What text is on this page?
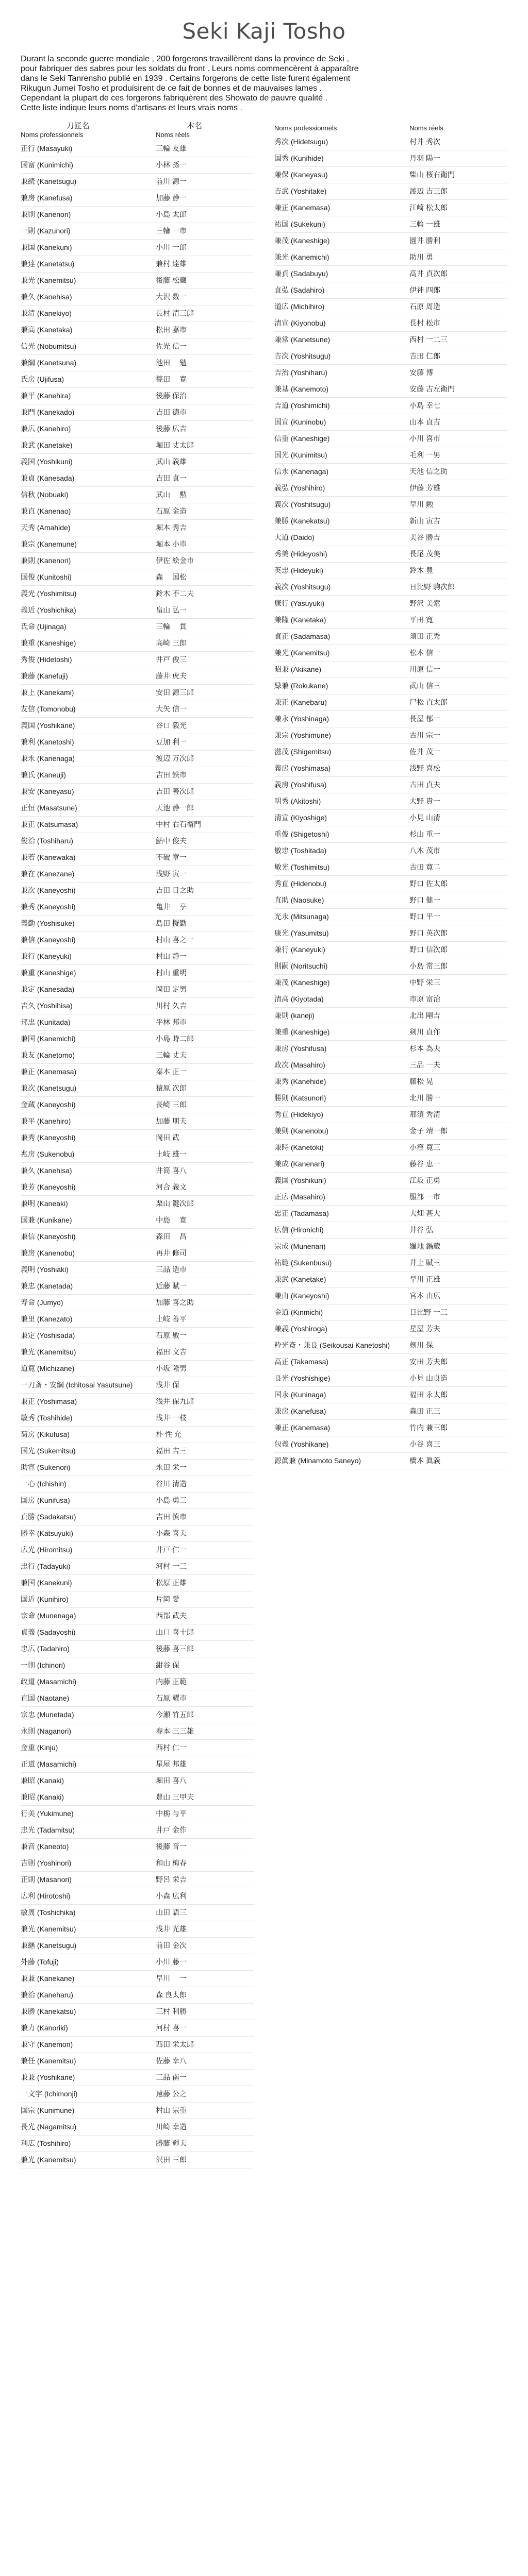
Seki Kaji Tosho

Durant la seconde guerre mondiale , 200 forgerons travaillèrent dans la province de Seki ,

pour fabriquer des sabres pour les soldats du front . Leurs noms commencèrent à apparaître

dans le Seki Tanrensho publié en 1939 . Certains forgerons de cette liste furent également

Rikugun Jumei Tosho et produisirent de ce fait de bonnes et de mauvaises lames .

Cependant la plupart de ces forgerons fabriquèrent des Showato de pauvre qualité .

Cette liste indique leurs noms d'artisans et leurs vrais noms .

刀匠名
Noms professionnels	本名
Noms réels

正行 (Masayuki)	三輪 友雄
国富 (Kunimichi)	小林 孫一
兼続 (Kanetsugu)	前川 源一
兼房 (Kanefusa)	加藤 静一
兼則 (Kanenori)	小島 太郎
一則 (Kazunori)	三輪 一市
兼国 (Kanekuni)	小川 一郎
兼達 (Kanetatsu)	兼村 達雄
兼光 (Kanemitsu)	後藤 松蔵
兼久 (Kanehisa)	大沢 数一
兼清 (Kanekiyo)	長村 清三郎
兼高 (Kanetaka)	松田 嘉市
信光 (Nobumitsu)	佐光 信一
兼綱 (Kanetsuna)	池田 　勉
氏房 (Ujifusa)	篠田 　寛
兼平 (Kanehira)	後藤 保治
兼門 (Kanekado)	吉田 德市
兼広 (Kanehiro)	後藤 広吉
兼武 (Kanetake)	堀田 丈太郎
義国 (Yoshikuni)	武山 義雄
兼貞 (Kanesada)	吉田 貞一
信秋 (Nobuaki)	武山 　勲
兼直 (Kanenao)	石原 金造
天秀 (Amahide)	堀本 秀吉
兼宗 (Kanemune)	堀本 小市
兼則 (Kanenori)	伊佐 絵金市
国俊 (Kunitoshi)	森 　国松
義光 (Yoshimitsu)	鈴木 不二夫
義近 (Yoshichika)	畠山 弘一
氏命 (Ujinaga)	三輪 　貫
兼重 (Kaneshige)	高崎 三郎
秀俊 (Hidetoshi)	井戸 俊三
兼藤 (Kanefuji)	藤井 虎夫
兼上 (Kanekami)	安田 源三郎
友信 (Tomonobu)	大矢 信一
義国 (Yoshikane)	谷口 毅光
兼利 (Kanetoshi)	豆加 利一
兼永 (Kanenaga)	渡辺 万次郎
兼氏 (Kaneuji)	吉田 鉄市
兼安 (Kaneyasu)	吉田 善次郎
正恒 (Masatsune)	天池 静一郎
兼正 (Katsumasa)	中村 右石衛門
俊治 (Toshiharu)	鮎中 俊夫
兼若 (Kanewaka)	不破 章一
兼在 (Kanezane)	浅野 寅一
兼次 (Kaneyoshi)	吉田 日之助
兼秀 (Kaneyoshi)	亀井 　享
義勤 (Yoshisuke)	島田 擬勤
兼信 (Kaneyoshi)	村山 喜之一
兼行 (Kaneyuki)	村山 静一
兼重 (Kaneshige)	村山 重明
兼定 (Kanesada)	岡田 定男
吉久 (Yoshihisa)	川村 久吉
邦忠 (Kunitada)	平林 邦市
兼国 (Kanemichi)	小島 時二郎
兼友 (Kanetomo)	三輪 丈夫
兼正 (Kanemasa)	秦本 正一
兼次 (Kanetsugu)	猿原 次郎
金蔵 (Kaneyoshi)	長崎 三郎
兼平 (Kanehiro)	加藤 朋夫
兼秀 (Kaneyoshi)	岡田 武
兆房 (Sukenobu)	土岐 雄一
兼久 (Kanehisa)	井筒 喜八
兼芳 (Kaneyoshi)	河合 義文
兼明 (Kaneaki)	栗山 鍵次郎
国兼 (Kunikane)	中島 　寛
兼信 (Kaneyoshi)	森田 　昌
兼房 (Kanenobu)	再井 修司
義明 (Yoshiaki)	三品 造市
兼忠 (Kanetada)	近藤 賦一
寿命 (Jumyo)	加藤 喜之助
兼里 (Kanezato)	土岐 善平
兼定 (Yoshisada)	石原 敏一
兼光 (Kanemitsu)	福田 文吉
道寛 (Michizane)	小坂 隆男
一刀斎・安綱 (Ichitosai Yasutsune)	浅井 保
兼正 (Yoshimasa)	浅井 保九郎
敏秀 (Toshihide)	浅井 一枝
菊房 (Kikufusa)	朴 性 允
国光 (Sukemitsu)	福田 吉三
助宣 (Sukenori)	永田 栄一
一心 (Ichishin)	谷川 清造
国房 (Kunifusa)	小島 勇三
貞勝 (Sadakatsu)	吉田 慎市
勝幸 (Katsuyuki)	小森 喜夫
広光 (Hiromitsu)	井戸 仁一
忠行 (Tadayuki)	河村 一三
兼国 (Kanekuni)	松原 正雄
国近 (Kunihiro)	片岡 愛
宗命 (Munenaga)	西部 武夫
貞義 (Sadayoshi)	山口 喜十郎
忠広 (Tadahiro)	後藤 喜三郎
一則 (Ichinori)	紺谷 保
政道 (Masamichi)	内藤 正範
直国 (Naotane)	石原 耀市
宗忠 (Munetada)	今瀬 竹五郎
永則 (Naganori)	春本 三三雄
金重 (Kinju)	西村 仁一
正道 (Masamichi)	星屋 邦雄
兼昭 (Kanaki)	堀田 喜八
兼昭 (Kanaki)	豊山 三甲夫
行美 (Yukimune)	中栃 与平
忠光 (Tadamitsu)	井戸 金作
兼音 (Kaneoto)	後藤 音一
吉則 (Yoshinori)	和山 梅春
正則 (Masanori)	野呂 栄吉
広利 (Hirotoshi)	小森 広利
敏周 (Toshichika)	山田 語三
兼光 (Kanemitsu)	浅井 光雄
兼継 (Kanetsugu)	前田 金次
外藤 (Tofuji)	小川 藤一
兼兼 (Kanekane)	早川 　一
兼治 (Kaneharu)	森 良太郎
兼勝 (Kanekatsu)	三村 利勝
兼力 (Kanoriki)	河村 喜一
兼守 (Kanemori)	西田 栄太郎
兼任 (Kanemitsu)	佐藤 幸八
兼兼 (Yoshikane)	三品 南一
一文字 (Ichimonji)	遠藤 公之
国宗 (Kunimune)	村山 宗重
長光 (Nagamitsu)	川崎 幸造
利広 (Toshihiro)	勝藤 輝夫
兼光 (Kanemitsu)	沢田 三郎
Noms professionnels	Noms réels

秀次 (Hidetsugu)	村井 秀次
国秀 (Kunihide)	丹羽 陽一
兼保 (Kaneyasu)	柴山 桜右衛門
吉武 (Yoshitake)	渡辺 吉三郎
兼正 (Kanemasa)	江崎 松太郎
祐国 (Sukekuni)	三輪 一雄
兼茂 (Kaneshige)	園井 勝利
兼光 (Kanemichi)	助川 勇
兼貞 (Sadabuyu)	高井 貞次郎
貞弘 (Sadahiro)	伊神 四郎
道広 (Michihiro)	石原 周造
清宣 (Kiyonobu)	長村 松市
兼常 (Kanetsune)	西村 一二三
吉次 (Yoshitsugu)	吉田 仁郎
吉治 (Yoshiharu)	安藤 博
兼基 (Kanemoto)	安藤 吉左衛門
吉道 (Yoshimichi)	小島 幸七
国宣 (Kuninobu)	山本 貞吉
信重 (Kaneshige)	小川 喜市
国光 (Kunimitsu)	毛利 一男
信永 (Kanenaga)	天池 信之助
義弘 (Yoshihiro)	伊藤 芳雄
義次 (Yoshitsugu)	早川 勲
兼勝 (Kanekatsu)	新山 寅吉
大道 (Daido)	美谷 勝吉
秀美 (Hideyoshi)	長尾 茂美
英忠 (Hideyuki)	鈴木 豊
義次 (Yoshitsugu)	日比野 駒次郎
康行 (Yasuyuki)	野沢 美索
兼隆 (Kanetaka)	平田 寛
貞正 (Sadamasa)	須田 正秀
兼光 (Kanemitsu)	松本 信一
昭兼 (Akikane)	川原 信一
緑兼 (Rokukane)	武山 信三
兼正 (Kanebaru)	尸松 直太郎
兼永 (Yoshinaga)	長屋 郁一
兼宗 (Yoshimune)	古川 宗一
滋茂 (Shigemitsu)	佐井 茂一
義房 (Yoshimasa)	浅野 喜松
義房 (Yoshifusa)	古田 貞夫
明秀 (Akitoshi)	大野 貴一
清宣 (Kiyoshige)	小見 山清
重俊 (Shigetoshi)	杉山 重一
敏忠 (Toshitada)	八木 茂市
敏光 (Toshimitsu)	古田 寛二
秀直 (Hidenobu)	野口 佐太郎
直助 (Naosuke)	野口 健一
光永 (Mitsunaga)	野口 平一
康光 (Yasumitsu)	野口 英次郎
兼行 (Kaneyuki)	野口 信次郎
則嗣 (Noritsuchi)	小島 常三郎
兼茂 (Kaneshige)	中野 栄三
清高 (Kiyotada)	市原 富治
兼則 (kaneji)	北出 剛吉
兼重 (Kaneshige)	剣川 貞作
兼房 (Yoshifusa)	杉本 為夫
政次 (Masahiro)	三品 一夫
兼秀 (Kanehide)	藤松 晃
勝則 (Katsunori)	北川 勝一
秀直 (Hidekiyo)	那須 秀清
兼則 (Kanenobu)	金子 靖一郎
兼時 (Kanetoki)	小窪 寛三
兼成 (Kanenari)	藤谷 恵一
義国 (Yoshikuni)	江坂 正勇
正広 (Masahiro)	服部 一市
忠正 (Tadamasa)	大畑 甚大
広信 (Hironichi)	井谷 弘
宗成 (Munenari)	羅地 鍋蔵
祐範 (Sukenbusu)	井上 賦三
兼武 (Kanetake)	早川 正雄
兼由 (Kaneyoshi)	宮本 由広
金道 (Kinmichi)	日比野 一三
兼義 (Yoshiroga)	星屋 芳夫
粋光斎・兼良 (Seikousai Kanetoshi)	剣川 保
高正 (Takamasa)	安田 芳夫郎
良光 (Yoshishige)	小見 山良造
国永 (Kuninaga)	福田 永太郎
兼房 (Kanefusa)	森田 正三
兼正 (Kanemasa)	竹内 兼三郎
包義 (Yoshikane)	小谷 喜三
源眞兼 (Minamoto Saneyo)	橋本 眞義
